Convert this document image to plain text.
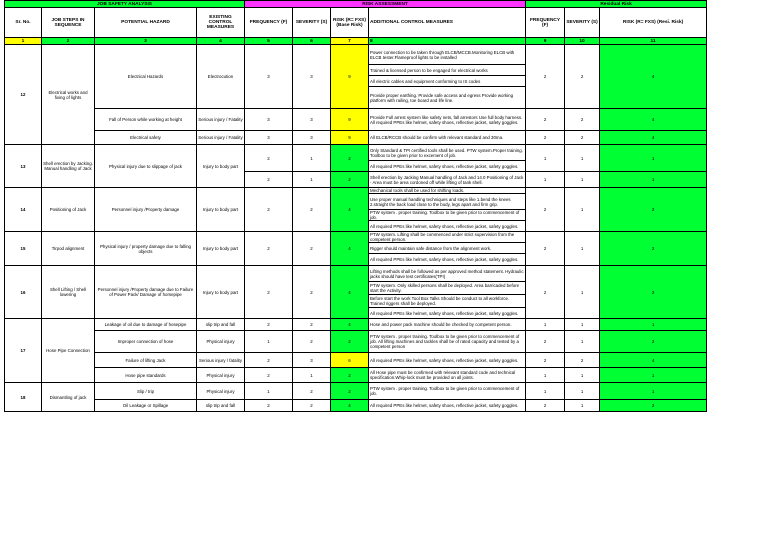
JOB SAFETY ANALYSIS				RISK ASSESSMENT				Residual Risk			
Sr. No.	JOB STEPS IN SEQUENCE	POTENTIAL HAZARD	EXISTING CONTROL MEASURES	FREQUENCY (F)	SEVERITY (S)	RISK (R= FXS) (Base Risk)	ADDITIONAL CONTROL MEASURES	FREQUENCY (F)	SEVERITY (S)	RISK (R= FXS) (Resi. Risk)	
1	2	3	4	5	6	7	8	9	10	11	
12	Electrical works and fixing of lights	Electrical Hazards	Electrocution	3	3	9	Power connection to be taken through ELCB/MCCB.Monitoring ELCB with ELCB tester.Flameproof lights to be installed	2	2	4	
							Trained & licensed person to be engaged for electrical works				
							All electric cables and equipment conforming to IS codes				
							Provide proper earthing. Provide safe access and egress Provide working platform with railing, toe board and life line.				
		Fall of Person while working at height	Serious injury / Fatality	3	3	9	Provide Full arrest system like safety nets, fall arrestors Use full body harness. All required PPEs like helmet, safety shoes, reflective jacket, safety goggles.	2	2	4	
		Electrical safety	Serious injury / Fatality	3	3	9	All ELCB/RCCB should be confirm with relevant standard and 30ma.	2	2	4	
13	Shell erection by Jacking. Manual handling of Jack	Physical injury due to slippage of jack	Injury to body part	2	1	2	Only Standard & TPI certified tools shall be used. PTW system.Proper training. Toolbox to be given prior to excement of job.	1	1	1	
							All required PPEs like helmet, safety shoes, reflective jacket, safety goggles.				
				2	1	2	Shell erection by Jacking Manual handling of Jack and 14.0 Positioning of Jack - Area must be area cordoned off while lifting of tank shell.	1	1	1	
14	Positioning of Jack	Personnel injury /Property damage	Injury to body part	2	2	4	Mechanical tools shall be used for shifting loads.	2	1	2	
							Use proper manual handling techniques and steps like 1.bend the knees 2.straight the back load close to the body, legs apart and firm grip.				
							PTW system . proper training. Toolbox to be given prior to commencement of job.				
							All required PPEs like helmet, safety shoes, reflective jacket, safety goggles.				
15	Tirpod alignment	Physical injury / property damage due to falling objects	Injury to body part	2	2	4	PTW system. Lifting shall be commenced under strict supervision from the competent person.	2	1	2	
							Rigger should maintain safe distance from the alignment work.				
							All required PPEs like helmet, safety shoes, reflective jacket, safety goggles.				
16	Shell Lifting / Shell lowering	Personnel injury /Property damage due to Failure of Power Pack/ Damage of horsepipe	Injury to body part	2	2	4	Lifting methods shall be followed as per approved method statement. Hydraulic jacks should have test certificates(TPI)	2	1	2	
							PTW system. Only skilled persons shall be deployed. Area barricaded before start the Activity.				
							Before start the work Tool Box Talks Should be conduct to all workforce. Trained riggers shall be deployed.				
							All required PPEs like helmet, safety shoes, reflective jacket, safety goggles.				
17	Hose Pipe Connection	Leakage of oil due to damage of hosepipe	slip trip and fall	2	2	4	Hose and power pack machine should be checked by competent person.	1	1	1	
		Improper connection of hose	Physical injury	1	2	2	PTW system . proper training. Toolbox to be given prior to commencement of job. All lifting machines and tackles shall be of rated capacity and tested by a competent person	2	1	2	
		Failure of lifting Jack	Serious injury / fatality	2	3	6	All required PPEs like helmet, safety shoes, reflective jacket, safety goggles.	2	2	4	
		Hose pipe standards	Physical injury	2	1	2	All Hose pipe must be confirmed with relevant standard code and technical specification.Whip-lock must be provided on all joints.	1	1	1	
18	Dismantling of jack	Slip / trip	Physical injury	1	2	2	PTW system . proper training. Toolbox to be given prior to commencement of job.	1	1	1	
		Oil Leakage or Spillage	slip trip and fall	2	2	4	All required PPEs like helmet, safety shoes, reflective jacket, safety goggles.	2	1	2	
